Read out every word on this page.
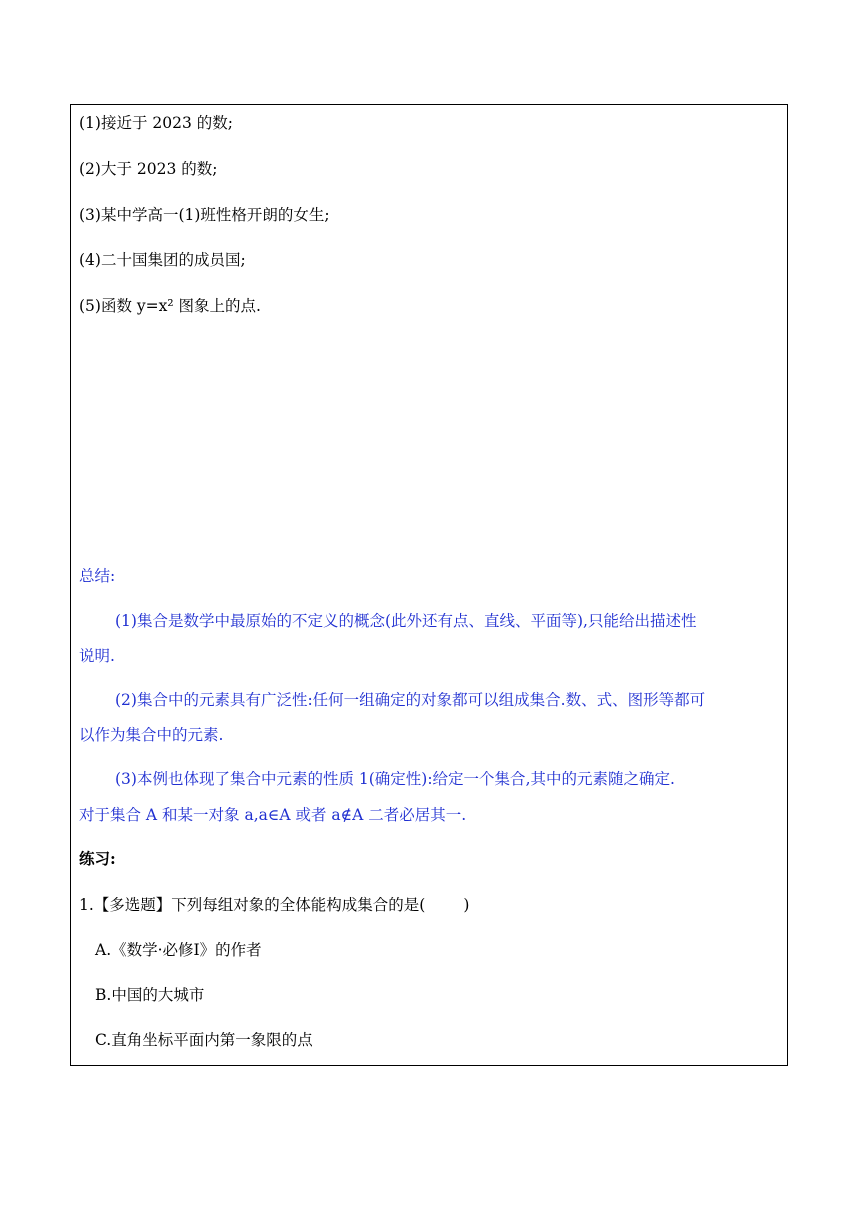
(1)接近于 2023 的数;
(2)大于 2023 的数;
(3)某中学高一(1)班性格开朗的女生;
(4)二十国集团的成员国;
(5)函数 y=x² 图象上的点.
总结:
(1)集合是数学中最原始的不定义的概念(此外还有点、直线、平面等),只能给出描述性
说明.
(2)集合中的元素具有广泛性:任何一组确定的对象都可以组成集合.数、式、图形等都可
以作为集合中的元素.
(3)本例也体现了集合中元素的性质 1(确定性):给定一个集合,其中的元素随之确定.
对于集合 A 和某一对象 a,a∈A 或者 a∉A 二者必居其一.
练习:
1.【多选题】下列每组对象的全体能构成集合的是( )
A.《数学·必修Ⅰ》的作者
B.中国的大城市
C.直角坐标平面内第一象限的点
